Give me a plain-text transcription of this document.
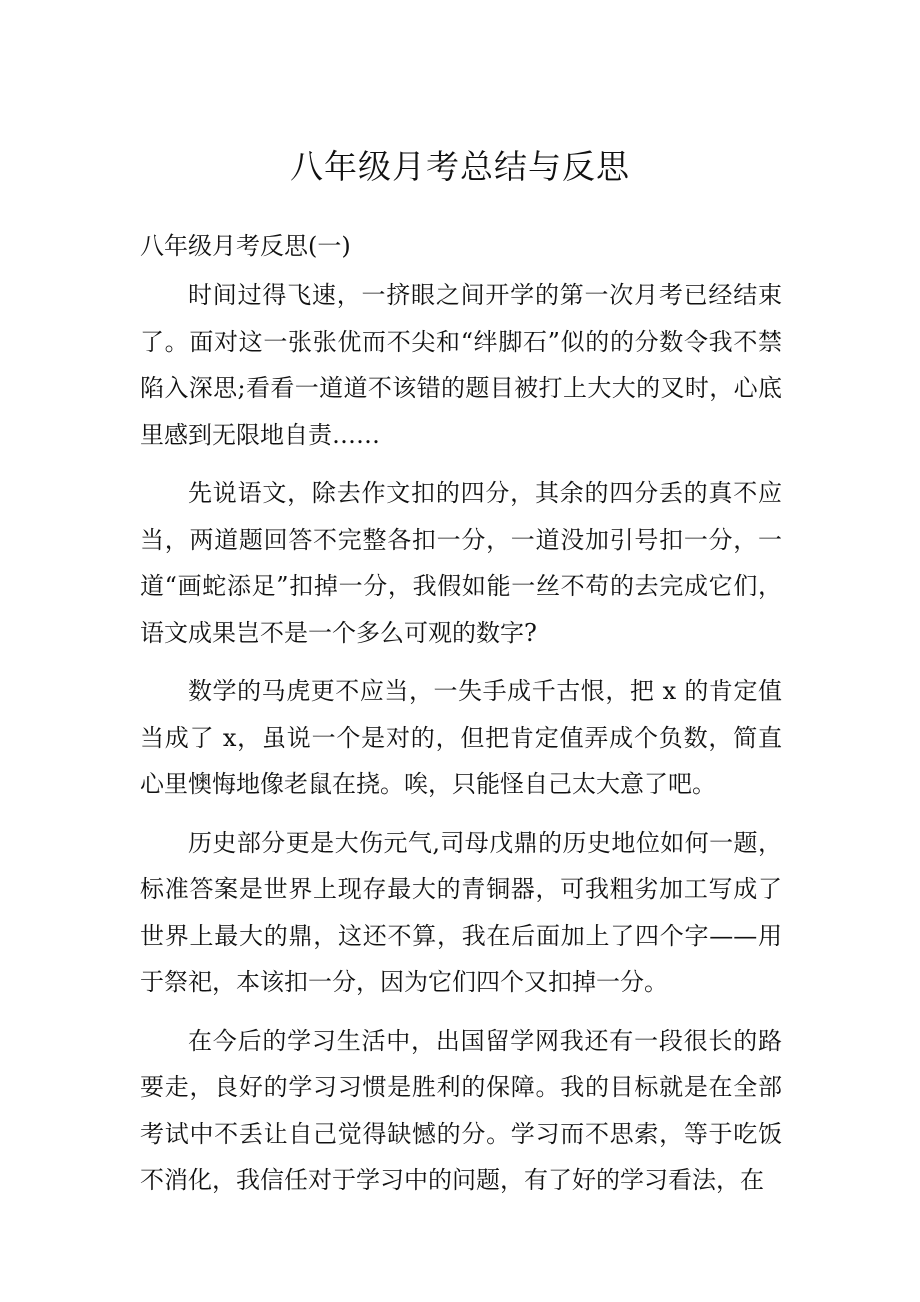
八年级月考总结与反思
八年级月考反思(一)

时间过得飞速，一挤眼之间开学的第一次月考已经结束了。面对这一张张优而不尖和“绊脚石”似的的分数令我不禁陷入深思;看看一道道不该错的题目被打上大大的叉时，心底里感到无限地自责……

先说语文，除去作文扣的四分，其余的四分丢的真不应当，两道题回答不完整各扣一分，一道没加引号扣一分，一道“画蛇添足”扣掉一分，我假如能一丝不苟的去完成它们，语文成果岂不是一个多么可观的数字?

数学的马虎更不应当，一失手成千古恨，把 x 的肯定值当成了 x，虽说一个是对的，但把肯定值弄成个负数，简直心里懊悔地像老鼠在挠。唉，只能怪自己太大意了吧。

历史部分更是大伤元气,司母戊鼎的历史地位如何一题，标准答案是世界上现存最大的青铜器，可我粗劣加工写成了世界上最大的鼎，这还不算，我在后面加上了四个字——用于祭祀，本该扣一分，因为它们四个又扣掉一分。

在今后的学习生活中，出国留学网我还有一段很长的路要走，良好的学习习惯是胜利的保障。我的目标就是在全部考试中不丢让自己觉得缺憾的分。学习而不思索，等于吃饭不消化，我信任对于学习中的问题，有了好的学习看法，在
